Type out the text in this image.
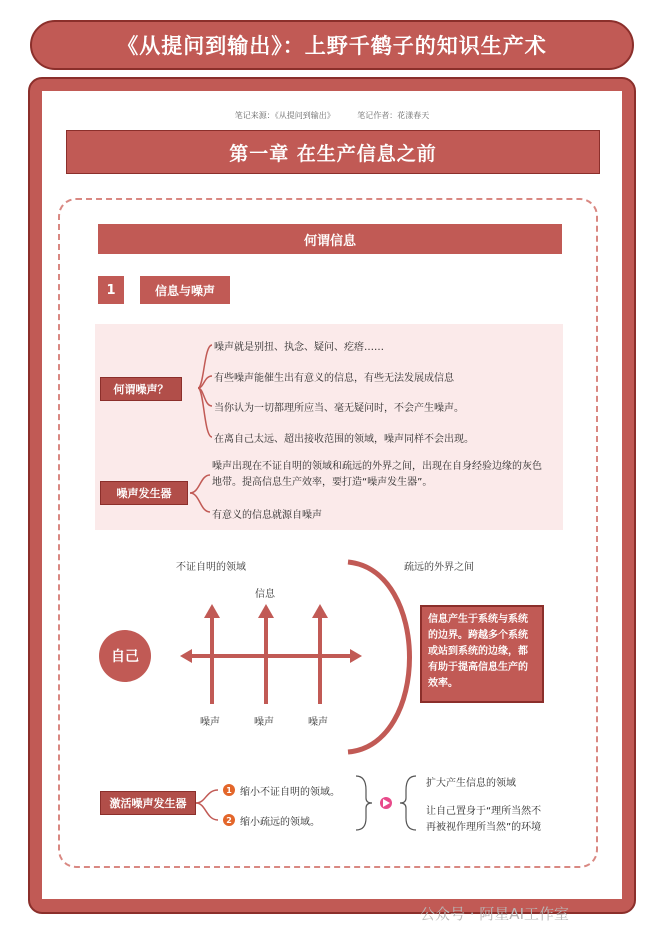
《从提问到输出》：上野千鹤子的知识生产术
笔记来源：《从提问到输出》	笔记作者：花漾春天
第一章 在生产信息之前
何谓信息
1	信息与噪声
何谓噪声？
噪声就是别扭、执念、疑问、疙瘩……
有些噪声能催生出有意义的信息，有些无法发展成信息
当你认为一切都理所应当、毫无疑问时，不会产生噪声。
在离自己太远、超出接收范围的领域，噪声同样不会出现。
噪声发生器
噪声出现在不证自明的领域和疏远的外界之间，出现在自身经验边缘的灰色地带。提高信息生产效率，要打造“噪声发生器”。
有意义的信息就源自噪声
不证自明的领域	疏远的外界之间
信息
自己
噪声	噪声	噪声
信息产生于系统与系统的边界。跨越多个系统或站到系统的边缘，都有助于提高信息生产的效率。
激活噪声发生器
1 缩小不证自明的领域。
2 缩小疏远的领域。
扩大产生信息的领域
让自己置身于“理所当然不再被视作理所当然”的环境
公众号 · 阿星AI工作室
